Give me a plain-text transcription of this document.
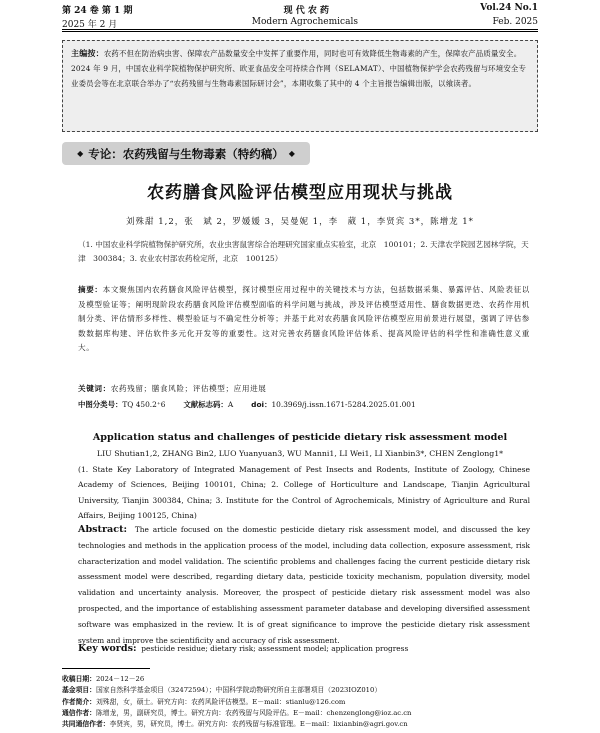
第 24 卷 第 1 期	现 代 农 药	Vol.24 No.1
2025 年 2 月	Modern Agrochemicals	Feb. 2025
主编按：农药不但在防治病虫害、保障农产品数量安全中发挥了重要作用，同时也可有效降低生物毒素的产生，保障农产品质量安全。2024 年 9 月，中国农业科学院植物保护研究所、欧亚食品安全可持续合作网（SELAMAT）、中国植物保护学会农药残留与环境安全专业委员会等在北京联合举办了“农药残留与生物毒素国际研讨会”，本期收集了其中的 4 个主旨报告编辑出版，以飨读者。
◆ 专论：农药残留与生物毒素（特约稿） ◆
农药膳食风险评估模型应用现状与挑战
刘殊甜 1,2，张　斌 2，罗媛媛 3，吴曼妮 1，李　葳 1，李贤宾 3*，陈增龙 1*
（1. 中国农业科学院植物保护研究所，农业虫害鼠害综合治理研究国家重点实验室，北京　100101；2. 天津农学院园艺园林学院，天津　300384；3. 农业农村部农药检定所，北京　100125）
摘要：本文聚焦国内农药膳食风险评估模型，探讨模型应用过程中的关键技术与方法，包括数据采集、暴露评估、风险表征以及模型验证等；阐明现阶段农药膳食风险评估模型面临的科学问题与挑战，涉及评估模型适用性、膳食数据更迭、农药作用机制分类、评估情形多样性、模型验证与不确定性分析等；并基于此对农药膳食风险评估模型应用前景进行展望，强调了评估参数数据库构建、评估软件多元化开发等的重要性。这对完善农药膳食风险评估体系、提高风险评估的科学性和准确性意义重大。
关键词：农药残留；膳食风险；评估模型；应用进展
中图分类号：TQ 450.2⁺6 文献标志码：A doi：10.3969/j.issn.1671-5284.2025.01.001
Application status and challenges of pesticide dietary risk assessment model
LIU Shutian1,2, ZHANG Bin2, LUO Yuanyuan3, WU Manni1, LI Wei1, LI Xianbin3*, CHEN Zenglong1*
(1. State Key Laboratory of Integrated Management of Pest Insects and Rodents, Institute of Zoology, Chinese Academy of Sciences, Beijing 100101, China; 2. College of Horticulture and Landscape, Tianjin Agricultural University, Tianjin 300384, China; 3. Institute for the Control of Agrochemicals, Ministry of Agriculture and Rural Affairs, Beijing 100125, China)
Abstract: The article focused on the domestic pesticide dietary risk assessment model, and discussed the key technologies and methods in the application process of the model, including data collection, exposure assessment, risk characterization and model validation. The scientific problems and challenges facing the current pesticide dietary risk assessment model were described, regarding dietary data, pesticide toxicity mechanism, population diversity, model validation and uncertainty analysis. Moreover, the prospect of pesticide dietary risk assessment model was also prospected, and the importance of establishing assessment parameter database and developing diversified assessment software was emphasized in the review. It is of great significance to improve the pesticide dietary risk assessment system and improve the scientificity and accuracy of risk assessment.
Key words: pesticide residue; dietary risk; assessment model; application progress
收稿日期：2024－12－26
基金项目：国家自然科学基金项目（32472594）；中国科学院动物研究所自主部署项目（2023IOZ010）
作者简介：刘殊甜，女，硕士。研究方向：农药风险评估模型。E－mail：stianlu@126.com
通信作者：陈增龙，男，副研究员，博士。研究方向：农药残留与风险评估。E－mail：chenzenglong@ioz.ac.cn
共同通信作者：李贤宾，男，研究员，博士。研究方向：农药残留与标准管理。E－mail：lixianbin@agri.gov.cn
